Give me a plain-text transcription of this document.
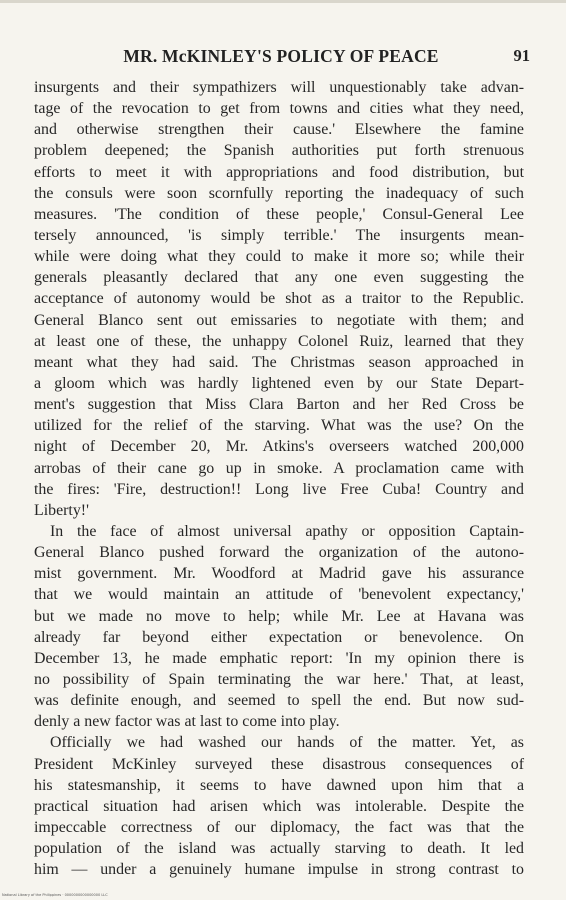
MR. McKINLEY'S POLICY OF PEACE	91
insurgents and their sympathizers will unquestionably take advan-
tage of the revocation to get from towns and cities what they need,
and otherwise strengthen their cause.' Elsewhere the famine
problem deepened; the Spanish authorities put forth strenuous
efforts to meet it with appropriations and food distribution, but
the consuls were soon scornfully reporting the inadequacy of such
measures. 'The condition of these people,' Consul-General Lee
tersely announced, 'is simply terrible.' The insurgents mean-
while were doing what they could to make it more so; while their
generals pleasantly declared that any one even suggesting the
acceptance of autonomy would be shot as a traitor to the Republic.
General Blanco sent out emissaries to negotiate with them; and
at least one of these, the unhappy Colonel Ruiz, learned that they
meant what they had said. The Christmas season approached in
a gloom which was hardly lightened even by our State Depart-
ment's suggestion that Miss Clara Barton and her Red Cross be
utilized for the relief of the starving. What was the use? On the
night of December 20, Mr. Atkins's overseers watched 200,000
arrobas of their cane go up in smoke. A proclamation came with
the fires: 'Fire, destruction!! Long live Free Cuba! Country and
Liberty!'
In the face of almost universal apathy or opposition Captain-
General Blanco pushed forward the organization of the autono-
mist government. Mr. Woodford at Madrid gave his assurance
that we would maintain an attitude of 'benevolent expectancy,'
but we made no move to help; while Mr. Lee at Havana was
already far beyond either expectation or benevolence. On
December 13, he made emphatic report: 'In my opinion there is
no possibility of Spain terminating the war here.' That, at least,
was definite enough, and seemed to spell the end. But now sud-
denly a new factor was at last to come into play.
Officially we had washed our hands of the matter. Yet, as
President McKinley surveyed these disastrous consequences of
his statesmanship, it seems to have dawned upon him that a
practical situation had arisen which was intolerable. Despite the
impeccable correctness of our diplomacy, the fact was that the
population of the island was actually starving to death. It led
him — under a genuinely humane impulse in strong contrast to
National Library of the Philippines · 0000000000000000 LLC
